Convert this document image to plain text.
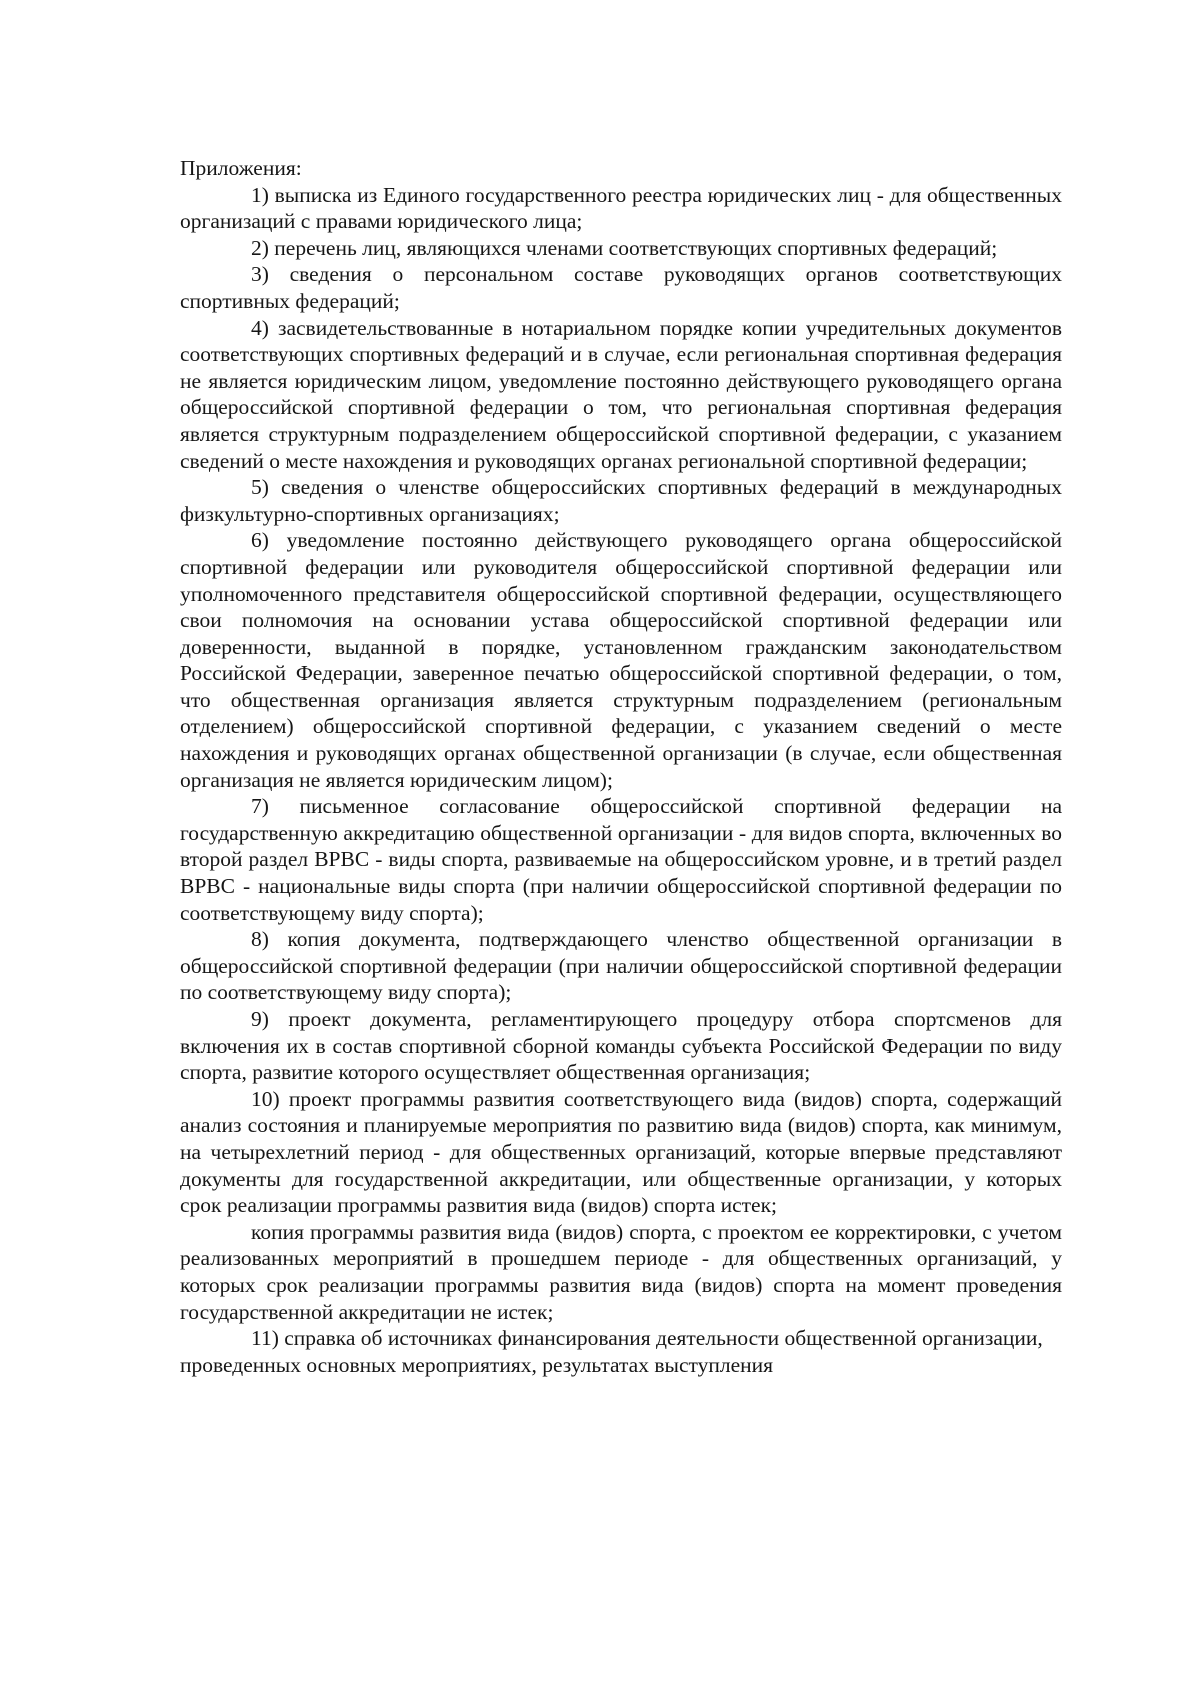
Приложения:

1) выписка из Единого государственного реестра юридических лиц - для общественных организаций с правами юридического лица;

2) перечень лиц, являющихся членами соответствующих спортивных федераций;

3) сведения о персональном составе руководящих органов соответствующих спортивных федераций;

4) засвидетельствованные в нотариальном порядке копии учредительных документов соответствующих спортивных федераций и в случае, если региональная спортивная федерация не является юридическим лицом, уведомление постоянно действующего руководящего органа общероссийской спортивной федерации о том, что региональная спортивная федерация является структурным подразделением общероссийской спортивной федерации, с указанием сведений о месте нахождения и руководящих органах региональной спортивной федерации;

5) сведения о членстве общероссийских спортивных федераций в международных физкультурно-спортивных организациях;

6) уведомление постоянно действующего руководящего органа общероссийской спортивной федерации или руководителя общероссийской спортивной федерации или уполномоченного представителя общероссийской спортивной федерации, осуществляющего свои полномочия на основании устава общероссийской спортивной федерации или доверенности, выданной в порядке, установленном гражданским законодательством Российской Федерации, заверенное печатью общероссийской спортивной федерации, о том, что общественная организация является структурным подразделением (региональным отделением) общероссийской спортивной федерации, с указанием сведений о месте нахождения и руководящих органах общественной организации (в случае, если общественная организация не является юридическим лицом);

7) письменное согласование общероссийской спортивной федерации на государственную аккредитацию общественной организации - для видов спорта, включенных во второй раздел ВРВС - виды спорта, развиваемые на общероссийском уровне, и в третий раздел ВРВС - национальные виды спорта (при наличии общероссийской спортивной федерации по соответствующему виду спорта);

8) копия документа, подтверждающего членство общественной организации в общероссийской спортивной федерации (при наличии общероссийской спортивной федерации по соответствующему виду спорта);

9) проект документа, регламентирующего процедуру отбора спортсменов для включения их в состав спортивной сборной команды субъекта Российской Федерации по виду спорта, развитие которого осуществляет общественная организация;

10) проект программы развития соответствующего вида (видов) спорта, содержащий анализ состояния и планируемые мероприятия по развитию вида (видов) спорта, как минимум, на четырехлетний период - для общественных организаций, которые впервые представляют документы для государственной аккредитации, или общественные организации, у которых срок реализации программы развития вида (видов) спорта истек;

копия программы развития вида (видов) спорта, с проектом ее корректировки, с учетом реализованных мероприятий в прошедшем периоде - для общественных организаций, у которых срок реализации программы развития вида (видов) спорта на момент проведения государственной аккредитации не истек;

11) справка об источниках финансирования деятельности общественной организации, проведенных основных мероприятиях, результатах выступления
